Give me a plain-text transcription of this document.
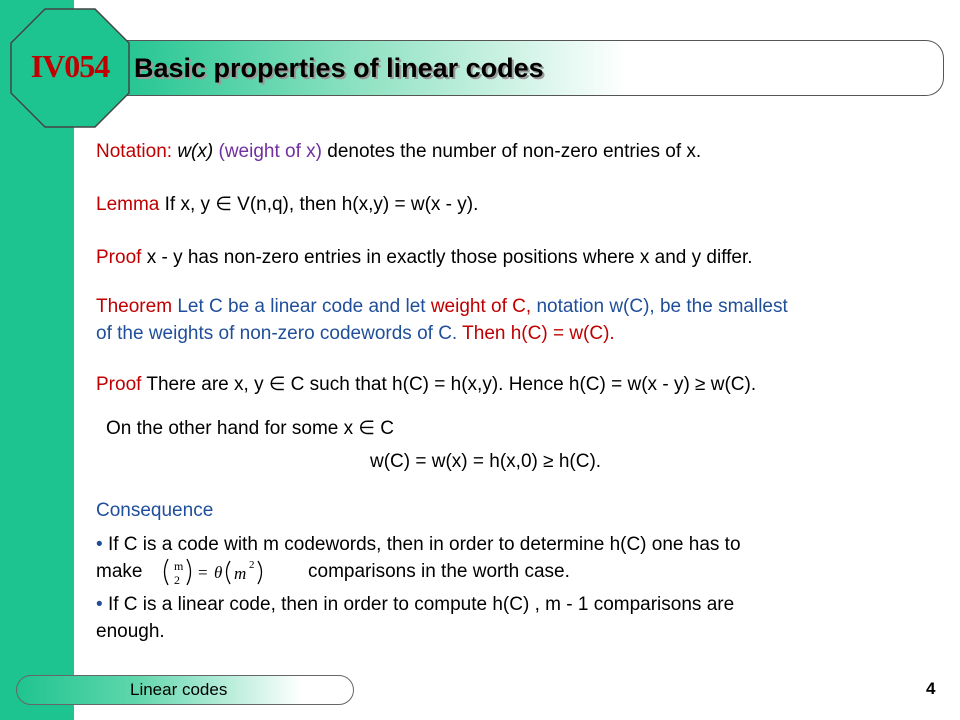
Basic properties of linear codes
IV054
Notation: w(x) (weight of x) denotes the number of non-zero entries of x.
Lemma If x, y ∈ V(n,q), then h(x,y) = w(x - y).
Proof x - y has non-zero entries in exactly those positions where x and y differ.
Theorem Let C be a linear code and let weight of C, notation w(C), be the smallest
of the weights of non-zero codewords of C. Then h(C) = w(C).
Proof There are x, y ∈ C such that h(C) = h(x,y). Hence h(C) = w(x - y) ≥ w(C).
On the other hand for some x ∈ C
w(C) = w(x) = h(x,0) ≥ h(C).
Consequence
• If C is a code with m codewords, then in order to determine h(C) one has to
make	comparisons in the worth case.
• If C is a linear code, then in order to compute h(C) , m - 1 comparisons are
enough.
m
2 = θ m 2
Linear codes	4
